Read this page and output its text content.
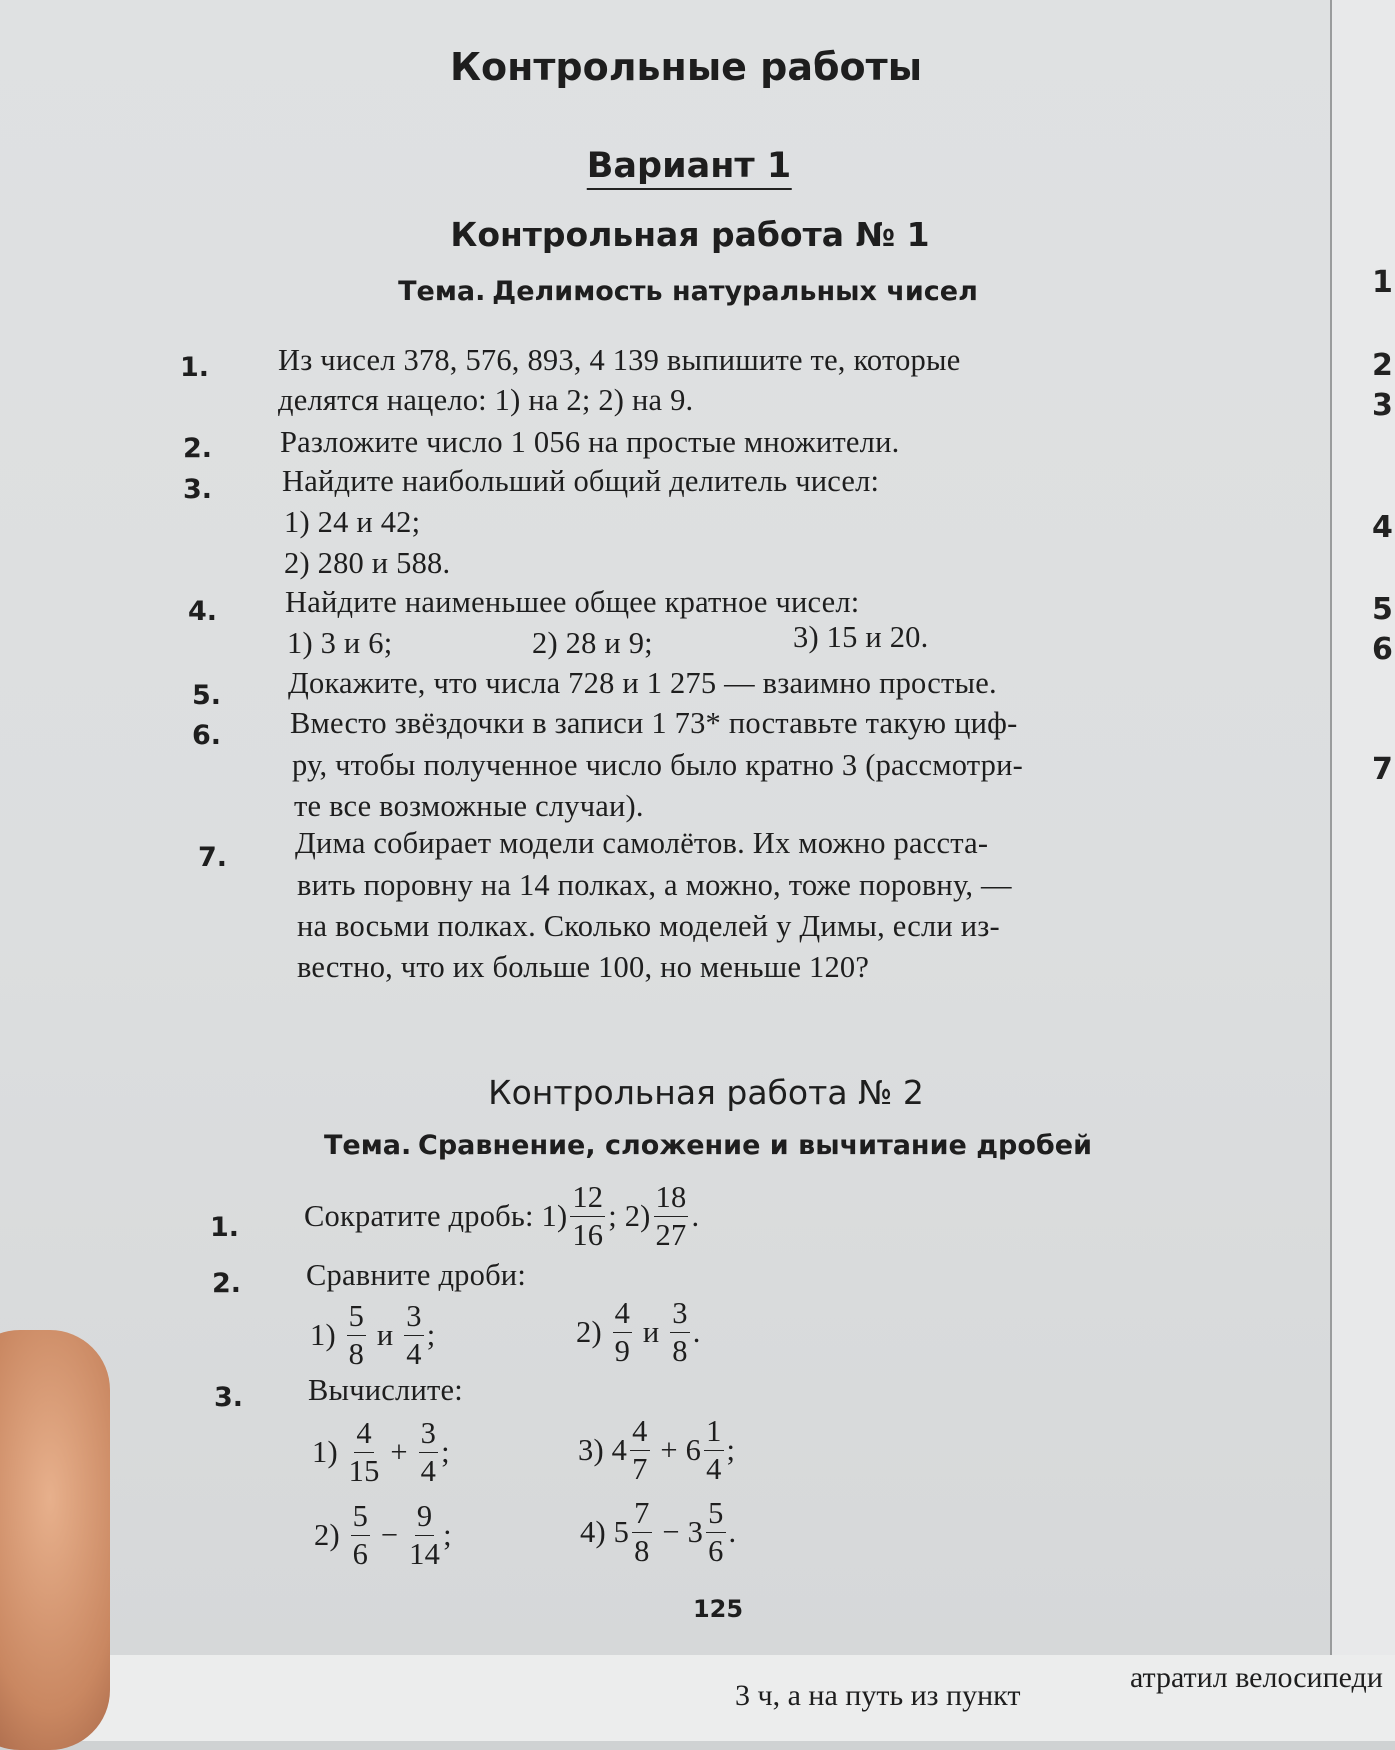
Контрольные работы
Вариант 1
Контрольная работа № 1
Тема. Делимость натуральных чисел
1. Из чисел 378, 576, 893, 4 139 выпишите те, которые
делятся нацело: 1) на 2; 2) на 9.
2. Разложите число 1 056 на простые множители.
3. Найдите наибольший общий делитель чисел:
1) 24 и 42;
2) 280 и 588.
4. Найдите наименьшее общее кратное чисел:
1) 3 и 6;	2) 28 и 9;	3) 15 и 20.
5. Докажите, что числа 728 и 1 275 — взаимно простые.
6. Вместо звёздочки в записи 1 73* поставьте такую циф-
ру, чтобы полученное число было кратно 3 (рассмотри-
те все возможные случаи).
7. Дима собирает модели самолётов. Их можно расста-
вить поровну на 14 полках, а можно, тоже поровну, —
на восьми полках. Сколько моделей у Димы, если из-
вестно, что их больше 100, но меньше 120?
Контрольная работа № 2
Тема. Сравнение, сложение и вычитание дробей
1. Сократите дробь:
$1) \frac{12}{16}$ ;
$2) \frac{18}{27}$ .
2. Сравните дроби:
1)
$\frac{5}{8}$
и
$\frac{3}{4}$ ;	2)
$\frac{4}{9}$
и
$\frac{3}{8}$ .
3. Вычислите:
1)
$\frac{4}{15}$
+
$\frac{3}{4}$ ;	3)
$4 \frac{4}{7}$
+
$6 \frac{1}{4}$ ;
2)
$\frac{5}{6}$
−
$\frac{9}{14}$ ;	4)
$5 \frac{7}{8}$
−
$3 \frac{5}{6}$ .
125
1
2
3
4
5
6
7
3 ч, а на путь из пункт
атратил велосипеди
